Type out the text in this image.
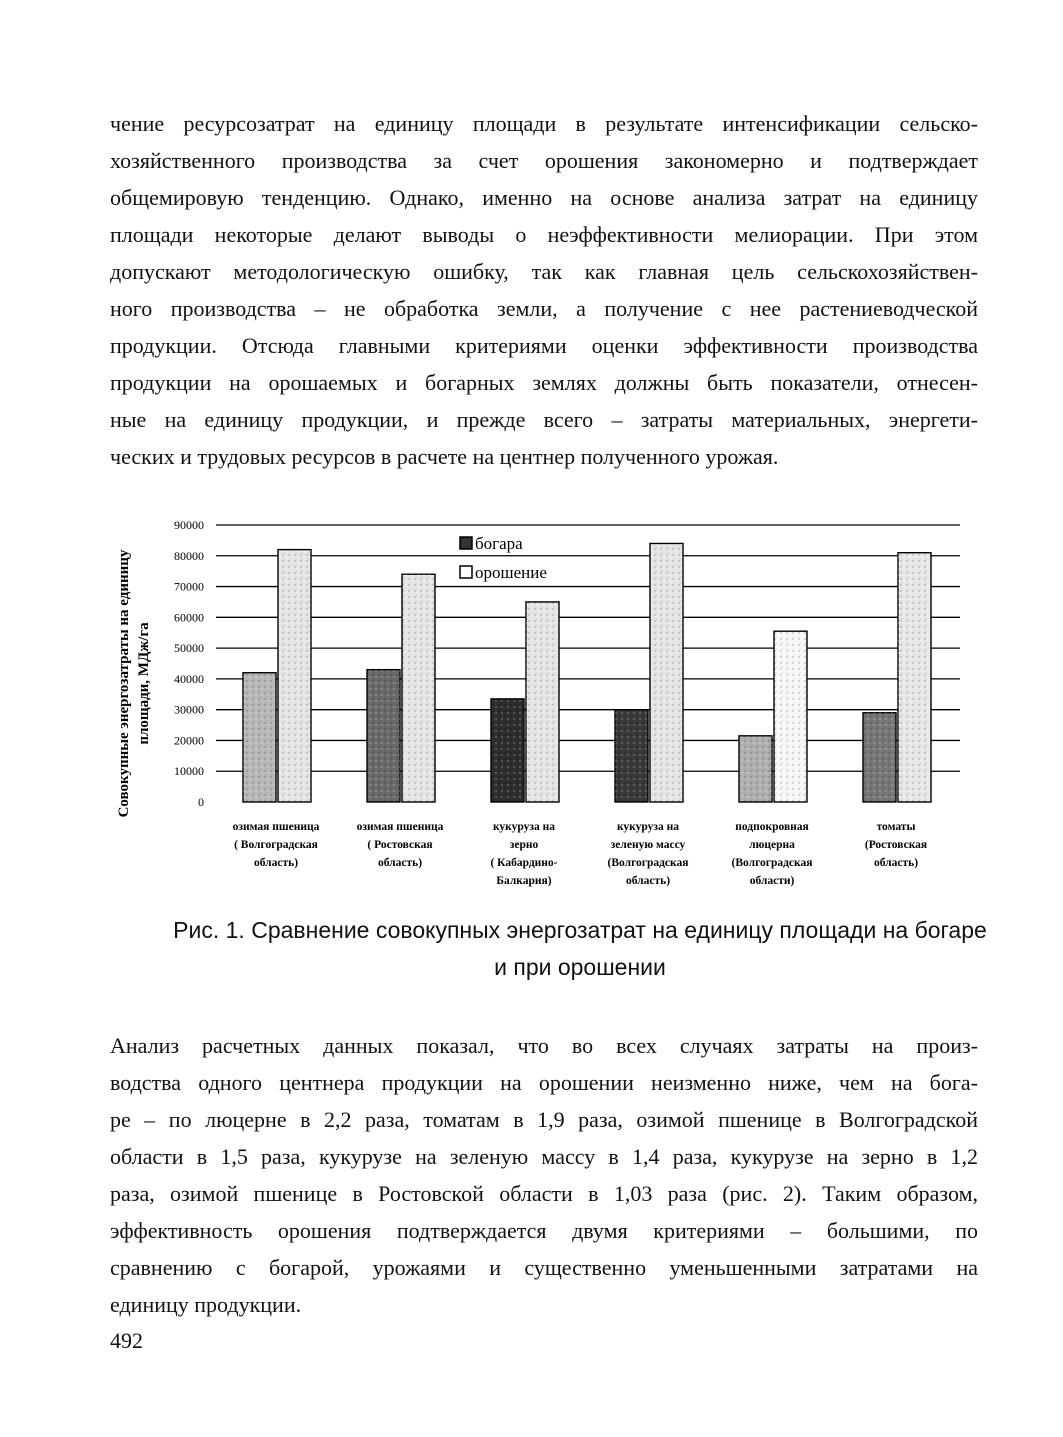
чение ресурсозатрат на единицу площади в результате интенсификации сельско-
хозяйственного производства за счет орошения закономерно и подтверждает
общемировую тенденцию. Однако, именно на основе анализа затрат на единицу
площади некоторые делают выводы о неэффективности мелиорации. При этом
допускают методологическую ошибку, так как главная цель сельскохозяйствен-
ного производства – не обработка земли, а получение с нее растениеводческой
продукции. Отсюда главными критериями оценки эффективности производства
продукции на орошаемых и богарных землях должны быть показатели, отнесен-
ные на единицу продукции, и прежде всего – затраты материальных, энергети-
ческих и трудовых ресурсов в расчете на центнер полученного урожая.
Совокупные энергозатраты на единицу площади, МДж/га
0
10000
20000
30000
40000
50000
60000
70000
80000
90000
озимая пшеница
( Волгоградская
область)
озимая пшеница
( Ростовская
область)
кукуруза на
зерно
( Кабардино-
Балкария)
кукуруза на
зеленую массу
(Волгоградская
область)
подпокровная
люцерна
(Волгоградская
области)
томаты
(Ростовская
область)
богара
орошение
Рис. 1. Сравнение совокупных энергозатрат на единицу площади на богаре
и при орошении
Анализ расчетных данных показал, что во всех случаях затраты на произ-
водства одного центнера продукции на орошении неизменно ниже, чем на бога-
ре – по люцерне в 2,2 раза, томатам в 1,9 раза, озимой пшенице в Волгоградской
области в 1,5 раза, кукурузе на зеленую массу в 1,4 раза, кукурузе на зерно в 1,2
раза, озимой пшенице в Ростовской области в 1,03 раза (рис. 2). Таким образом,
эффективность орошения подтверждается двумя критериями – большими, по
сравнению с богарой, урожаями и существенно уменьшенными затратами на
единицу продукции.
492
